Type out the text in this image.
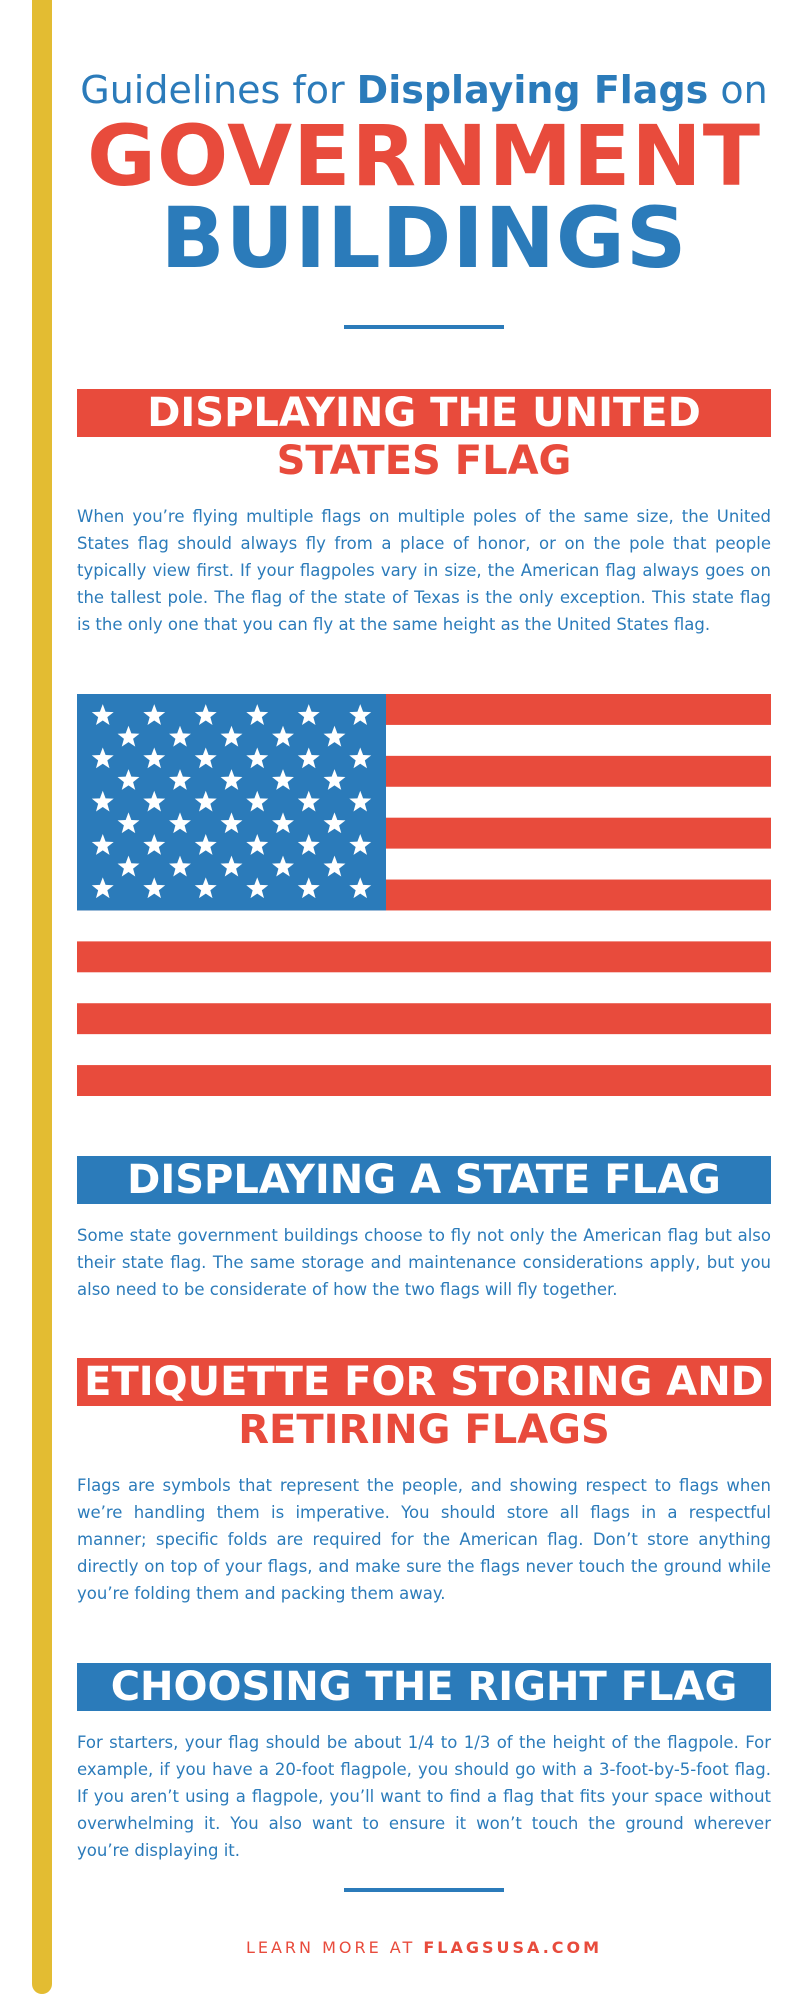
Guidelines for Displaying Flags on
GOVERNMENT
BUILDINGS
DISPLAYING THE UNITED
STATES FLAG
When you’re flying multiple flags on multiple poles of the same size, the United States flag should always fly from a place of honor, or on the pole that people typically view first. If your flagpoles vary in size, the American flag always goes on the tallest pole. The flag of the state of Texas is the only exception. This state flag is the only one that you can fly at the same height as the United States flag.
DISPLAYING A STATE FLAG
Some state government buildings choose to fly not only the American flag but also their state flag. The same storage and maintenance considerations apply, but you also need to be considerate of how the two flags will fly together.
ETIQUETTE FOR STORING AND
RETIRING FLAGS
Flags are symbols that represent the people, and showing respect to flags when we’re handling them is imperative. You should store all flags in a respectful manner; specific folds are required for the American flag. Don’t store anything directly on top of your flags, and make sure the flags never touch the ground while you’re folding them and packing them away.
CHOOSING THE RIGHT FLAG
For starters, your flag should be about 1/4 to 1/3 of the height of the flagpole. For example, if you have a 20-foot flagpole, you should go with a 3-foot-by-5-foot flag. If you aren’t using a flagpole, you’ll want to find a flag that fits your space without overwhelming it. You also want to ensure it won’t touch the ground wherever you’re displaying it.
LEARN MORE AT FLAGSUSA.COM
